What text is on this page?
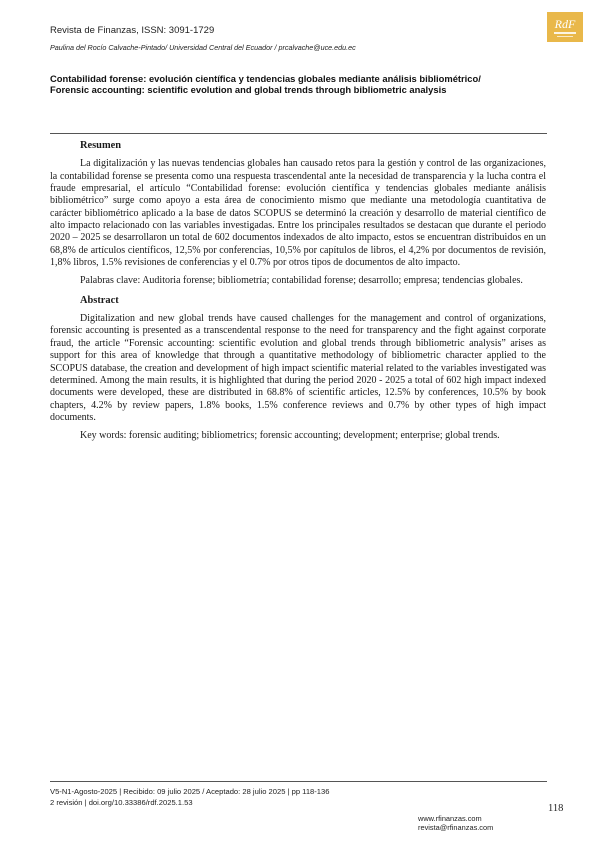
Revista de Finanzas, ISSN: 3091-1729
Paulina del Rocío Calvache-Pintado/ Universidad Central del Ecuador / prcalvache@uce.edu.ec
RdF
Contabilidad forense: evolución científica y tendencias globales mediante análisis bibliométrico/
Forensic accounting: scientific evolution and global trends through bibliometric analysis
Resumen

La digitalización y las nuevas tendencias globales han causado retos para la gestión y control de las organizaciones, la contabilidad forense se presenta como una respuesta trascendental ante la necesidad de transparencia y la lucha contra el fraude empresarial, el artículo “Contabilidad forense: evolución científica y tendencias globales mediante análisis bibliométrico” surge como apoyo a esta área de conocimiento mismo que mediante una metodología cuantitativa de carácter bibliométrico aplicado a la base de datos SCOPUS se determinó la creación y desarrollo de material científico de alto impacto relacionado con las variables investigadas. Entre los principales resultados se destacan que durante el periodo 2020 – 2025 se desarrollaron un total de 602 documentos indexados de alto impacto, estos se encuentran distribuidos en un 68,8% de artículos científicos, 12,5% por conferencias, 10,5% por capítulos de libros, el 4,2% por documentos de revisión, 1,8% libros, 1.5% revisiones de conferencias y el 0.7% por otros tipos de documentos de alto impacto.

Palabras clave: Auditoria forense; bibliometría; contabilidad forense; desarrollo; empresa; tendencias globales.

Abstract

Digitalization and new global trends have caused challenges for the management and control of organizations, forensic accounting is presented as a transcendental response to the need for transparency and the fight against corporate fraud, the article “Forensic accounting: scientific evolution and global trends through bibliometric analysis” arises as support for this area of knowledge that through a quantitative methodology of bibliometric character applied to the SCOPUS database, the creation and development of high impact scientific material related to the variables investigated was determined. Among the main results, it is highlighted that during the period 2020 - 2025 a total of 602 high impact indexed documents were developed, these are distributed in 68.8% of scientific articles, 12.5% by conferences, 10.5% by book chapters, 4.2% by review papers, 1.8% books, 1.5% conference reviews and 0.7% by other types of high impact documents.

Key words: forensic auditing; bibliometrics; forensic accounting; development; enterprise; global trends.

V5-N1-Agosto-2025 | Recibido: 09 julio 2025 / Aceptado: 28 julio 2025 | pp 118-136
2 revisión | doi.org/10.33386/rdf.2025.1.53
118
www.rfinanzas.com
revista@rfinanzas.com
